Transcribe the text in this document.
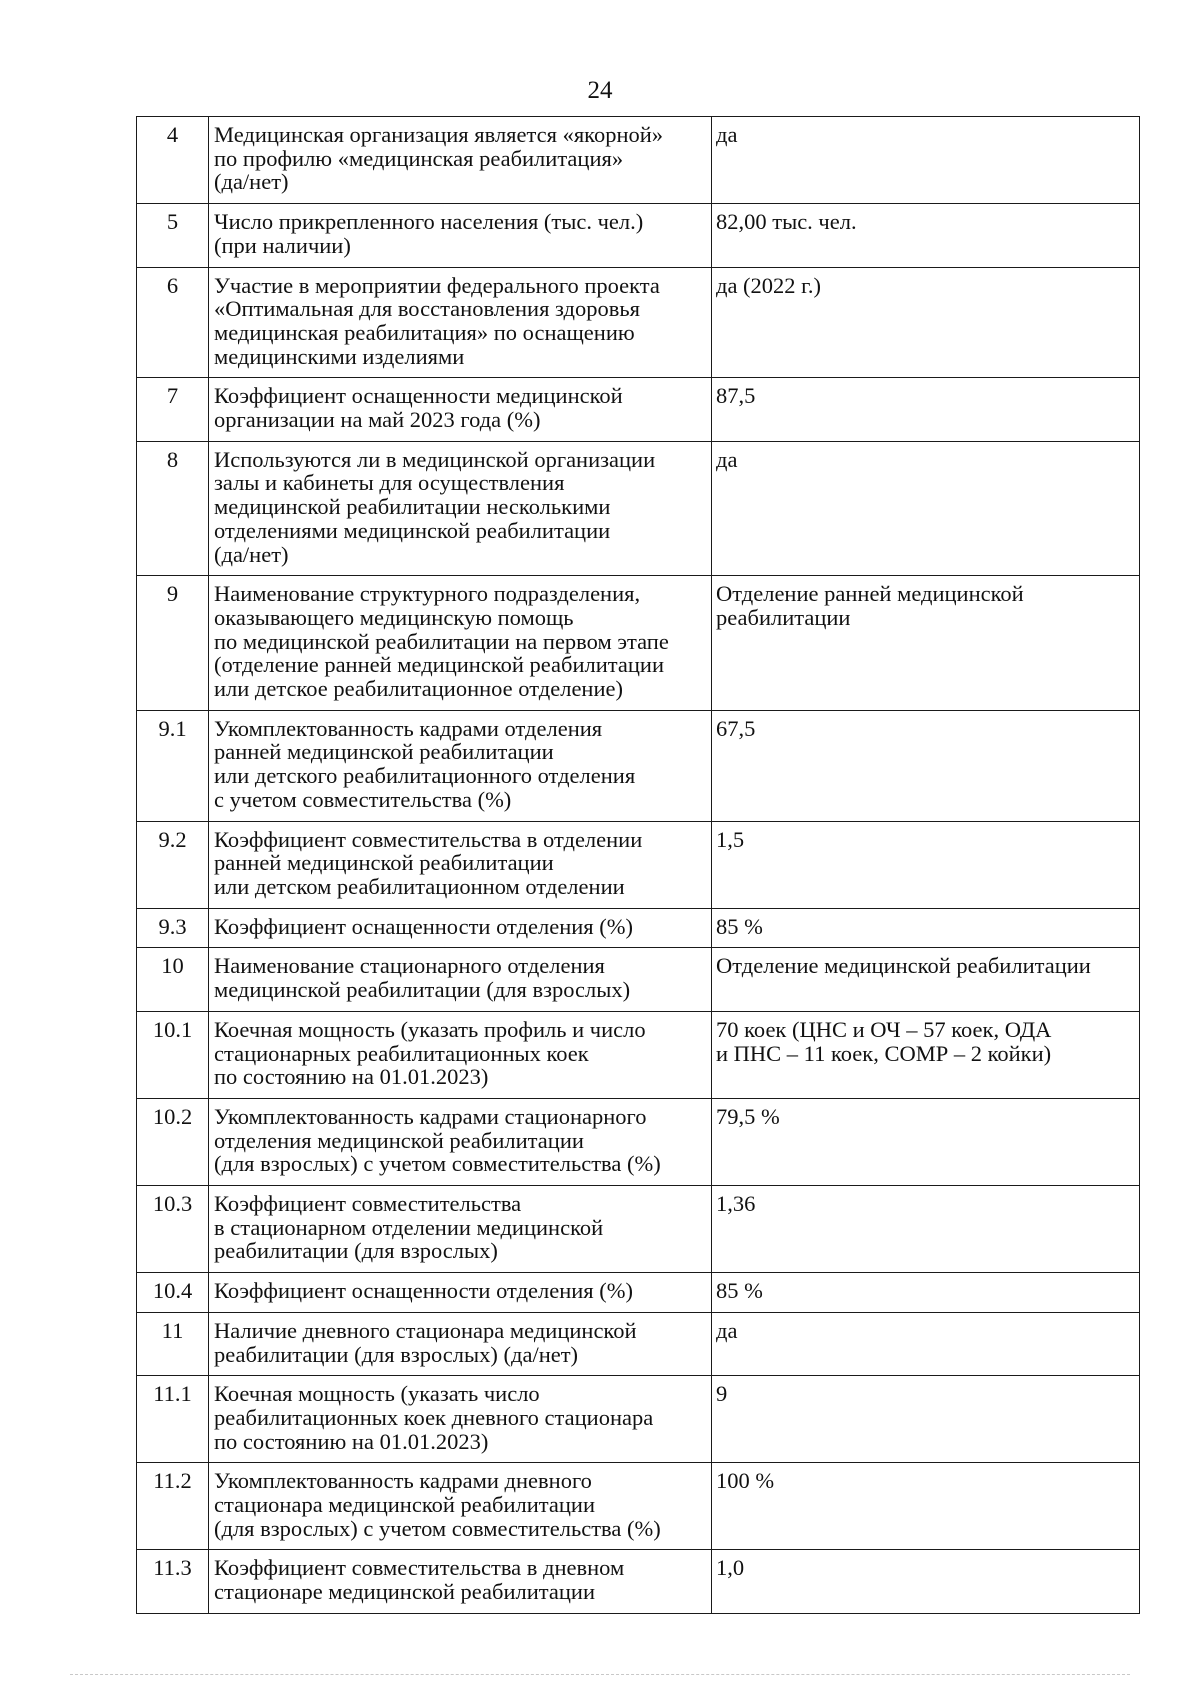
24
4	Медицинская организация является «якорной»
по профилю «медицинская реабилитация»
(да/нет)	да

5	Число прикрепленного населения (тыс. чел.)
(при наличии)	82,00 тыс. чел.

6	Участие в мероприятии федерального проекта
«Оптимальная для восстановления здоровья
медицинская реабилитация» по оснащению
медицинскими изделиями	да (2022 г.)

7	Коэффициент оснащенности медицинской
организации на май 2023 года (%)	87,5

8	Используются ли в медицинской организации
залы и кабинеты для осуществления
медицинской реабилитации несколькими
отделениями медицинской реабилитации
(да/нет)	да

9	Наименование структурного подразделения,
оказывающего медицинскую помощь
по медицинской реабилитации на первом этапе
(отделение ранней медицинской реабилитации
или детское реабилитационное отделение)	Отделение ранней медицинской
реабилитации

9.1	Укомплектованность кадрами отделения
ранней медицинской реабилитации
или детского реабилитационного отделения
с учетом совместительства (%)	67,5

9.2	Коэффициент совместительства в отделении
ранней медицинской реабилитации
или детском реабилитационном отделении	1,5

9.3	Коэффициент оснащенности отделения (%)	85 %

10	Наименование стационарного отделения
медицинской реабилитации (для взрослых)	Отделение медицинской реабилитации

10.1	Коечная мощность (указать профиль и число
стационарных реабилитационных коек
по состоянию на 01.01.2023)	70 коек (ЦНС и ОЧ – 57 коек, ОДА
и ПНС – 11 коек, СОМР – 2 койки)

10.2	Укомплектованность кадрами стационарного
отделения медицинской реабилитации
(для взрослых) с учетом совместительства (%)	79,5 %

10.3	Коэффициент совместительства
в стационарном отделении медицинской
реабилитации (для взрослых)	1,36

10.4	Коэффициент оснащенности отделения (%)	85 %

11	Наличие дневного стационара медицинской
реабилитации (для взрослых) (да/нет)	да

11.1	Коечная мощность (указать число
реабилитационных коек дневного стационара
по состоянию на 01.01.2023)	9

11.2	Укомплектованность кадрами дневного
стационара медицинской реабилитации
(для взрослых) с учетом совместительства (%)	100 %

11.3	Коэффициент совместительства в дневном
стационаре медицинской реабилитации	1,0
